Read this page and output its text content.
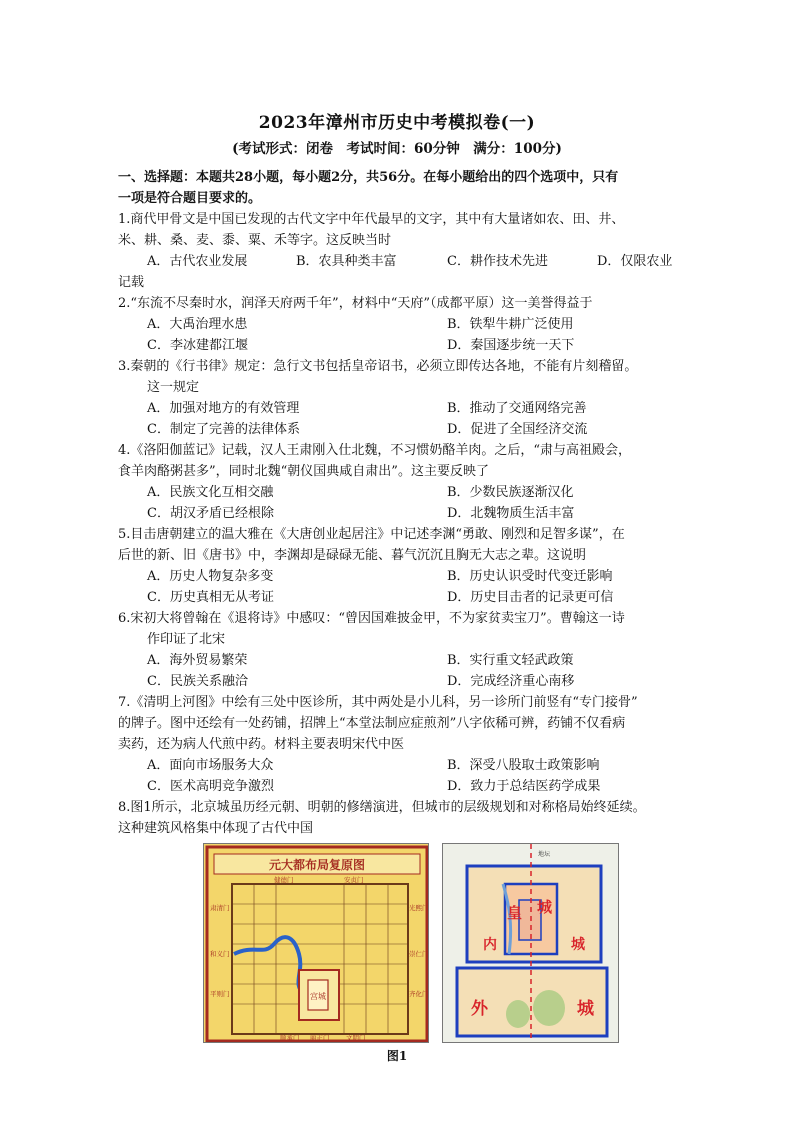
2023年漳州市历史中考模拟卷(一)
(考试形式：闭卷　考试时间：60分钟　满分：100分)
一、选择题：本题共28小题，每小题2分，共56分。在每小题给出的四个选项中，只有
一项是符合题目要求的。
1.商代甲骨文是中国已发现的古代文字中年代最早的文字，其中有大量诸如农、田、井、
米、耕、桑、麦、黍、粟、禾等字。这反映当时
A．古代农业发展	B．农具种类丰富	C．耕作技术先进	D．仅限农业
记载
2.“东流不尽秦时水，润泽天府两千年”，材料中“天府”（成都平原）这一美誉得益于
A．大禹治理水患	B．铁犁牛耕广泛使用
C．李冰建都江堰	D．秦国逐步统一天下
3.秦朝的《行书律》规定：急行文书包括皇帝诏书，必须立即传达各地，不能有片刻稽留。
这一规定
A．加强对地方的有效管理	B．推动了交通网络完善
C．制定了完善的法律体系	D．促进了全国经济交流
4.《洛阳伽蓝记》记载，汉人王肃刚入仕北魏，不习惯奶酪羊肉。之后，“肃与高祖殿会，
食羊肉酪粥甚多”，同时北魏“朝仪国典咸自肃出”。这主要反映了
A．民族文化互相交融	B．少数民族逐渐汉化
C．胡汉矛盾已经根除	D．北魏物质生活丰富
5.目击唐朝建立的温大雅在《大唐创业起居注》中记述李渊“勇敢、刚烈和足智多谋”，在
后世的新、旧《唐书》中，李渊却是碌碌无能、暮气沉沉且胸无大志之辈。这说明
A．历史人物复杂多变	B．历史认识受时代变迁影响
C．历史真相无从考证	D．历史目击者的记录更可信
6.宋初大将曾翰在《退将诗》中感叹：“曾因国难披金甲，不为家贫卖宝刀”。曹翰这一诗
作印证了北宋
A．海外贸易繁荣	B．实行重文轻武政策
C．民族关系融洽	D．完成经济重心南移
7.《清明上河图》中绘有三处中医诊所，其中两处是小儿科，另一诊所门前竖有“专门接骨”
的牌子。图中还绘有一处药铺，招牌上“本堂法制应症煎剂”八字依稀可辨，药铺不仅看病
卖药，还为病人代煎中药。材料主要表明宋代中医
A．面向市场服务大众	B．深受八股取士政策影响
C．医术高明竞争激烈	D．致力于总结医药学成果
8.图1所示，北京城虽历经元朝、明朝的修缮演进，但城市的层级规划和对称格局始终延续。
这种建筑风格集中体现了古代中国
元大都布局复原图
宫城
健德门	安贞门
肃清门	光熙门
和义门	崇仁门
平则门	齐化门
顺承门 丽正门	文明门
地坛
皇 城
内	城
外	城
图1
